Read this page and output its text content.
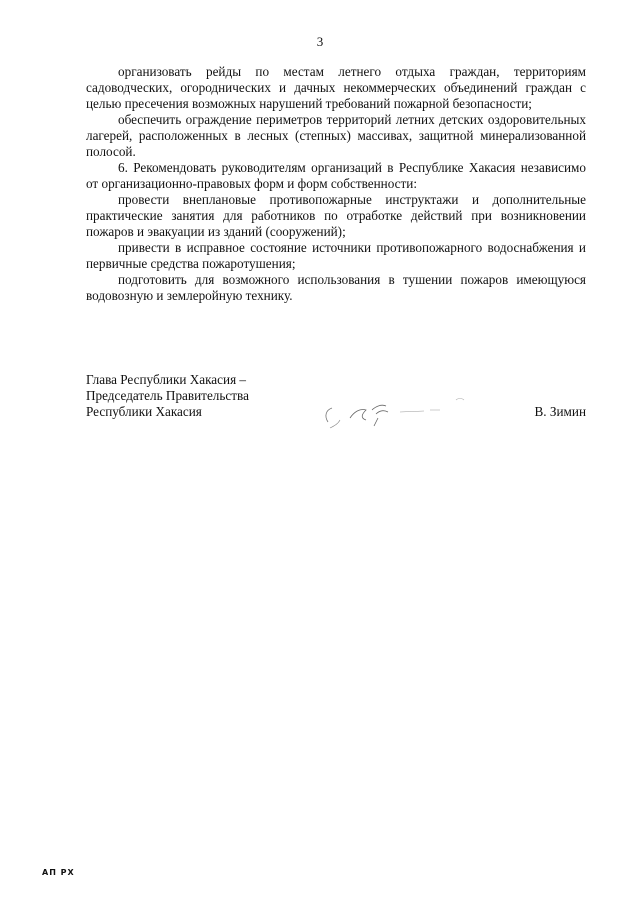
3

организовать рейды по местам летнего отдыха граждан, территориям садоводческих, огороднических и дачных некоммерческих объединений граждан с целью пресечения возможных нарушений требований пожарной безопасности;

обеспечить ограждение периметров территорий летних детских оздоровительных лагерей, расположенных в лесных (степных) массивах, защитной минерализованной полосой.

6. Рекомендовать руководителям организаций в Республике Хакасия независимо от организационно-правовых форм и форм собственности:

провести внеплановые противопожарные инструктажи и дополнительные практические занятия для работников по отработке действий при возникновении пожаров и эвакуации из зданий (сооружений);

привести в исправное состояние источники противопожарного водоснабжения и первичные средства пожаротушения;

подготовить для возможного использования в тушении пожаров имеющуюся водовозную и землеройную технику.

Глава Республики Хакасия –
Председатель Правительства
Республики Хакасия	В. Зимин
АП РХ
